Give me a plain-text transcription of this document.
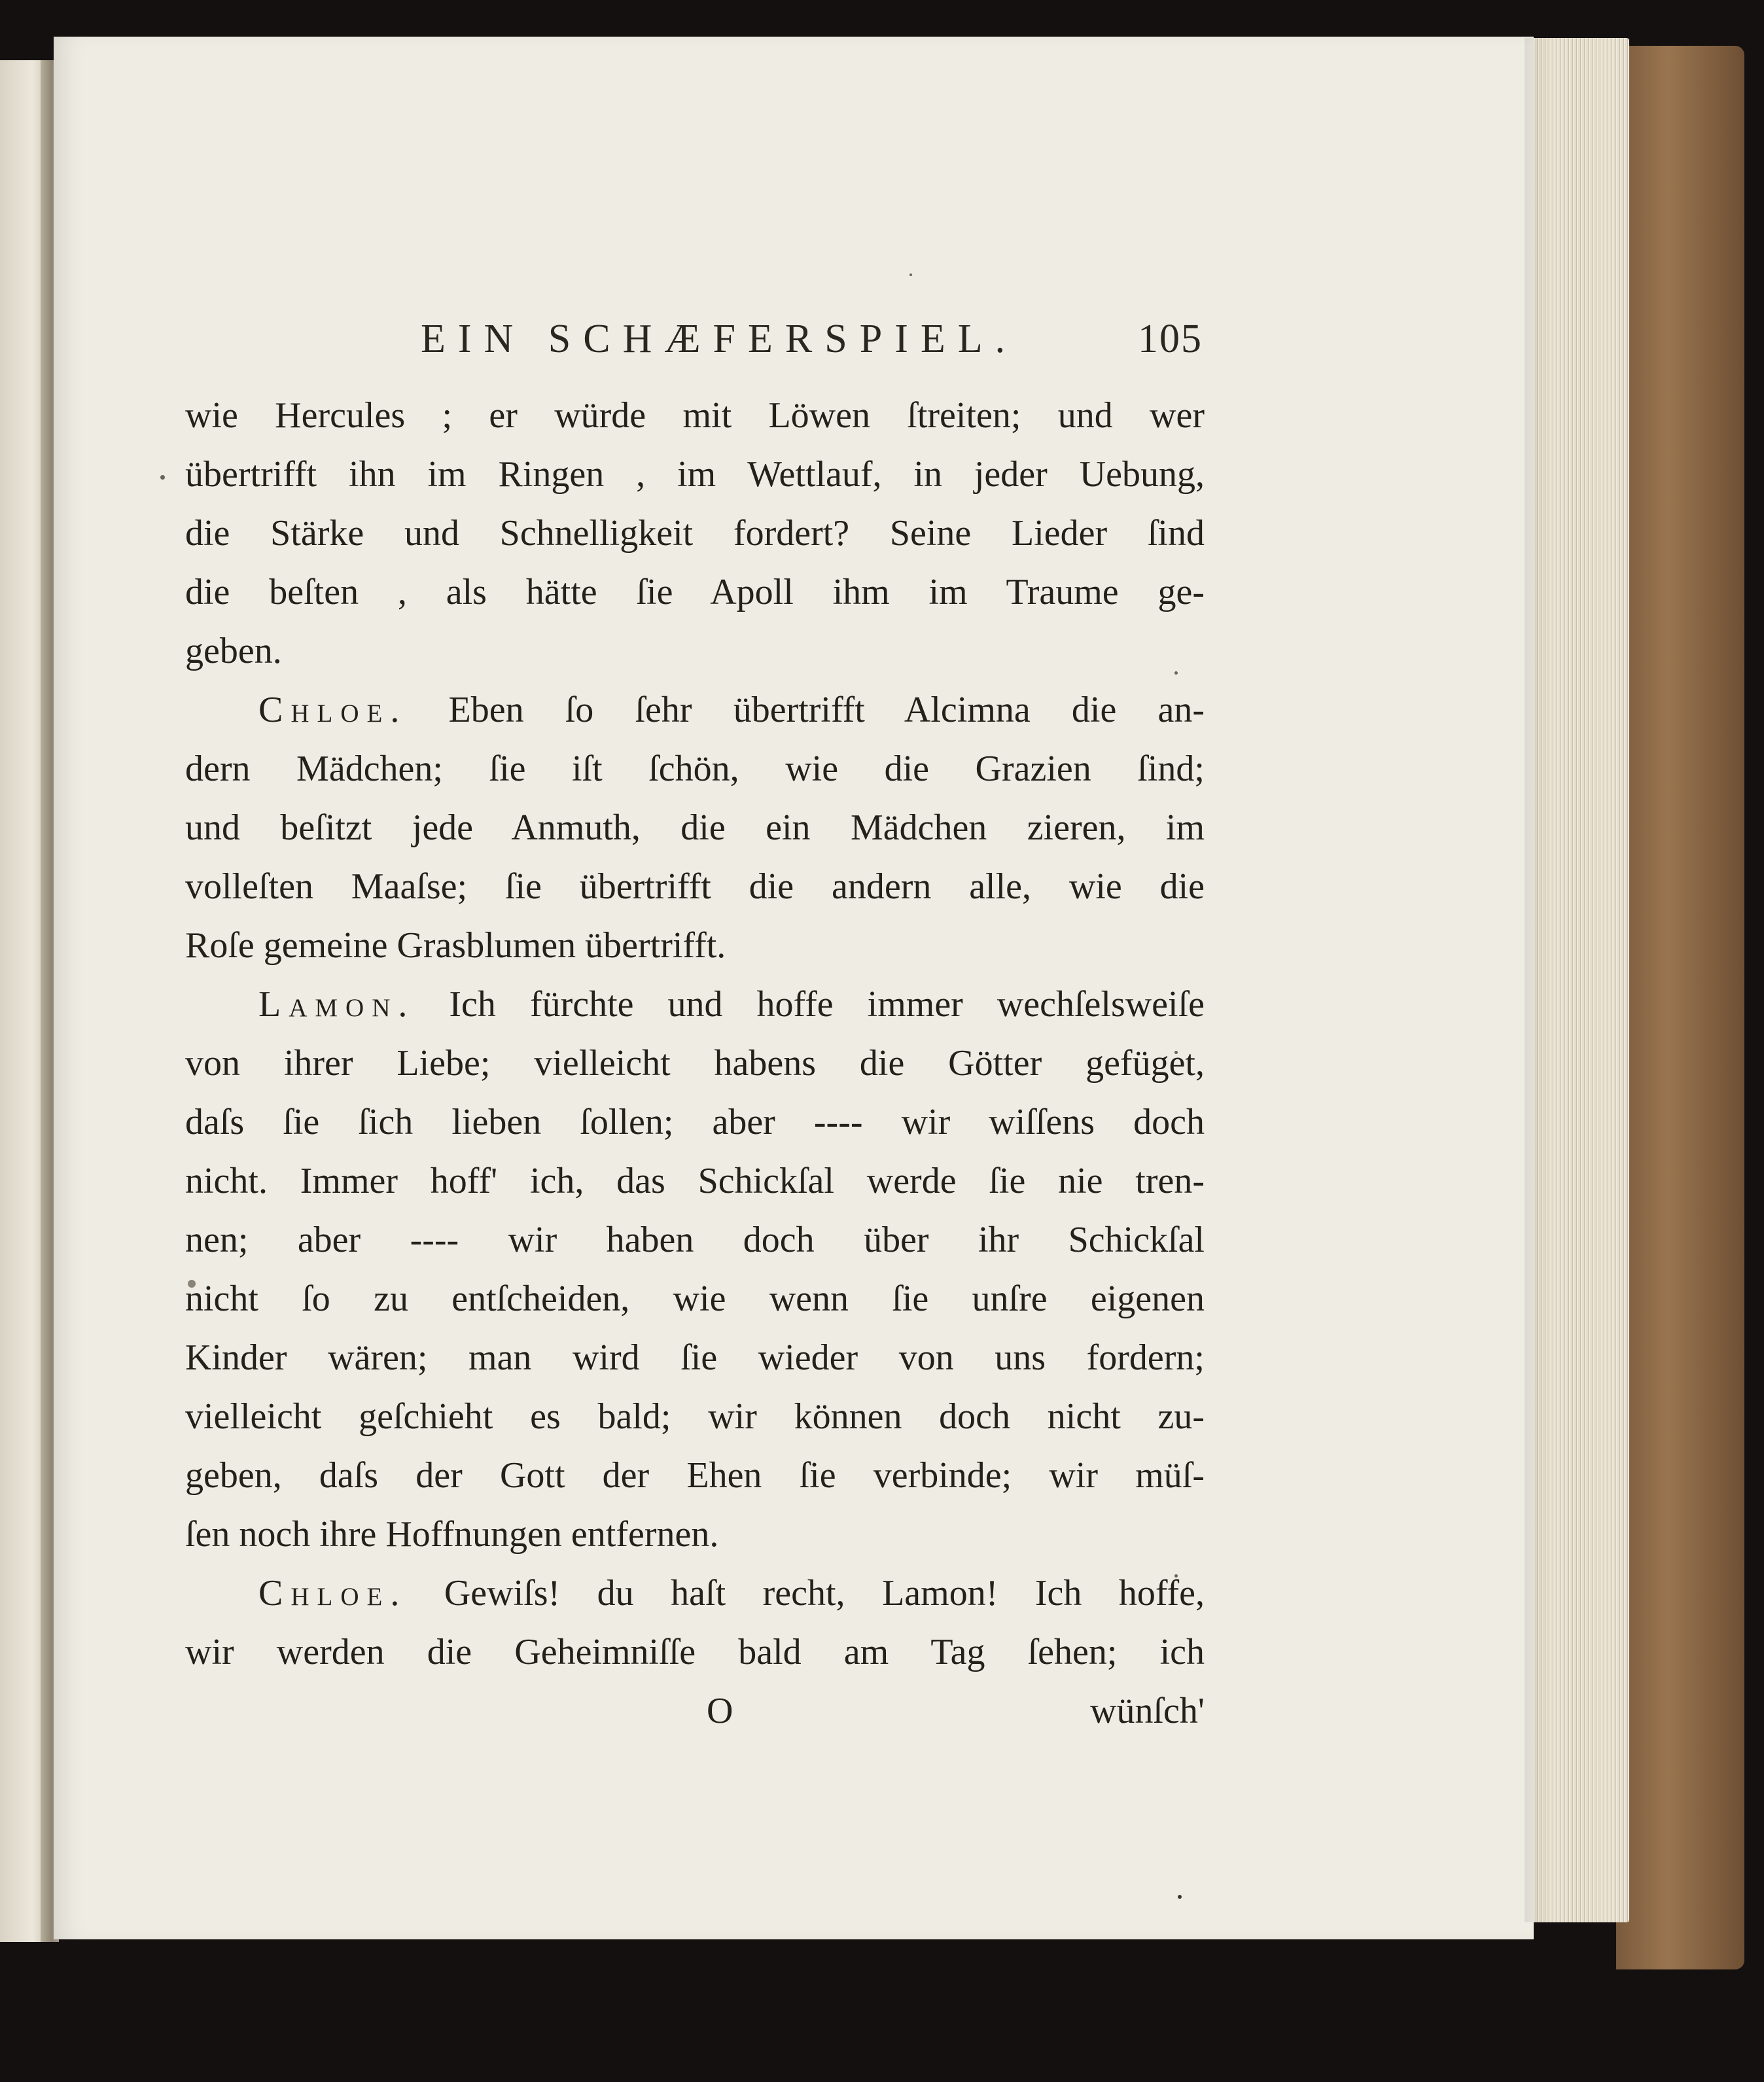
EIN SCHÆFERSPIEL.	105
wie Hercules ; er würde mit Löwen ſtreiten; und wer
übertrifft ihn im Ringen , im Wettlauf, in jeder Uebung,
die Stärke und Schnelligkeit fordert? Seine Lieder ſind
die beſten , als hätte ſie Apoll ihm im Traume ge-
geben.
Chloe. Eben ſo ſehr übertrifft Alcimna die an-
dern Mädchen; ſie iſt ſchön, wie die Grazien ſind;
und beſitzt jede Anmuth, die ein Mädchen zieren, im
volleſten Maaſse; ſie übertrifft die andern alle, wie die
Roſe gemeine Grasblumen übertrifft.
Lamon. Ich fürchte und hoffe immer wechſelsweiſe
von ihrer Liebe; vielleicht habens die Götter gefüget,
daſs ſie ſich lieben ſollen; aber ---- wir wiſſens doch
nicht. Immer hoff' ich, das Schickſal werde ſie nie tren-
nen; aber ---- wir haben doch über ihr Schickſal
nicht ſo zu entſcheiden, wie wenn ſie unſre eigenen
Kinder wären; man wird ſie wieder von uns fordern;
vielleicht geſchieht es bald; wir können doch nicht zu-
geben, daſs der Gott der Ehen ſie verbinde; wir müſ-
ſen noch ihre Hoffnungen entfernen.
Chloe. Gewiſs! du haſt recht, Lamon! Ich hoffe,
wir werden die Geheimniſſe bald am Tag ſehen; ich
O	wünſch'
